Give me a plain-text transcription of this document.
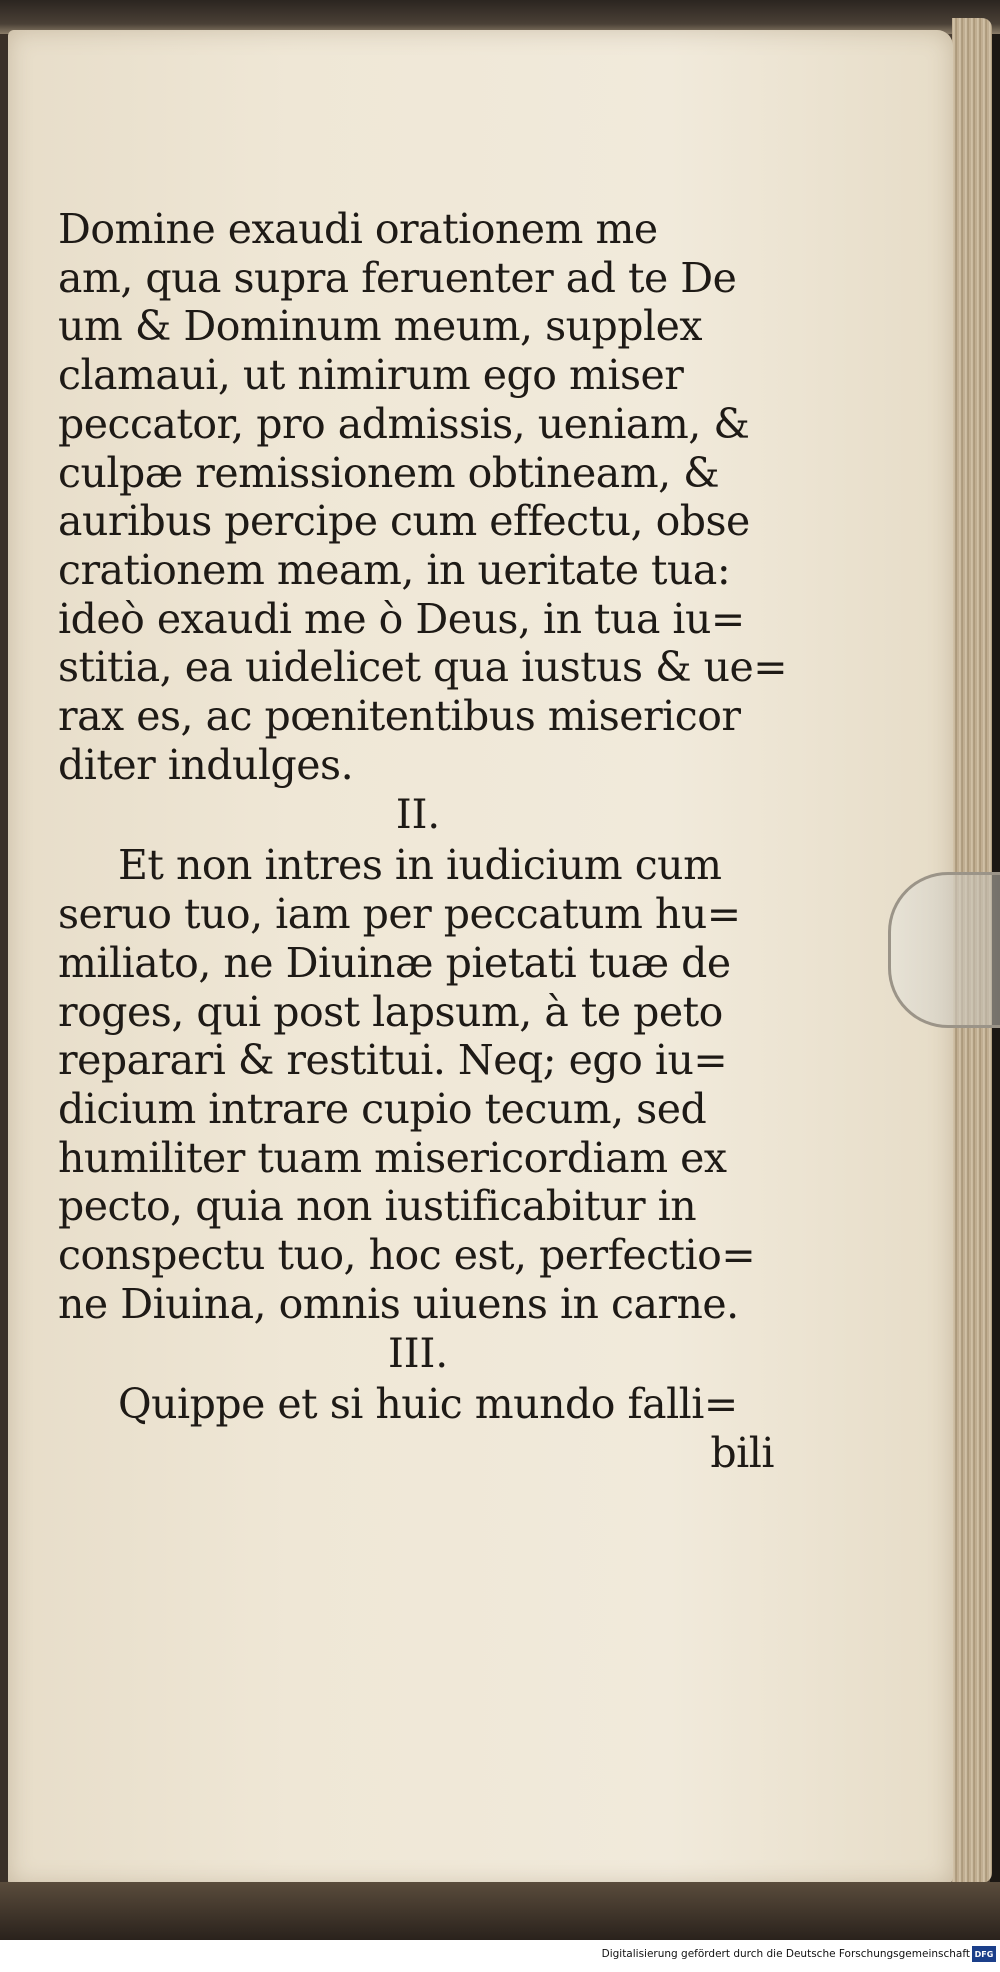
Domine exaudi orationem me
am, qua supra feruenter ad te De
um & Dominum meum, supplex
clamaui, ut nimirum ego miser
peccator, pro admissis, ueniam, &
culpæ remissionem obtineam, &
auribus percipe cum effectu, obse
crationem meam, in ueritate tua:
ideò exaudi me ò Deus, in tua iu=
stitia, ea uidelicet qua iustus & ue=
rax es, ac pœnitentibus misericor
diter indulges.
II.
Et non intres in iudicium cum
seruo tuo, iam per peccatum hu=
miliato, ne Diuinæ pietati tuæ de
roges, qui post lapsum, à te peto
reparari & restitui. Neq; ego iu=
dicium intrare cupio tecum, sed
humiliter tuam misericordiam ex
pecto, quia non iustificabitur in
conspectu tuo, hoc est, perfectio=
ne Diuina, omnis uiuens in carne.
III.
Quippe et si huic mundo falli=
bili
Digitalisierung gefördert durch die Deutsche Forschungsgemeinschaft DFG
